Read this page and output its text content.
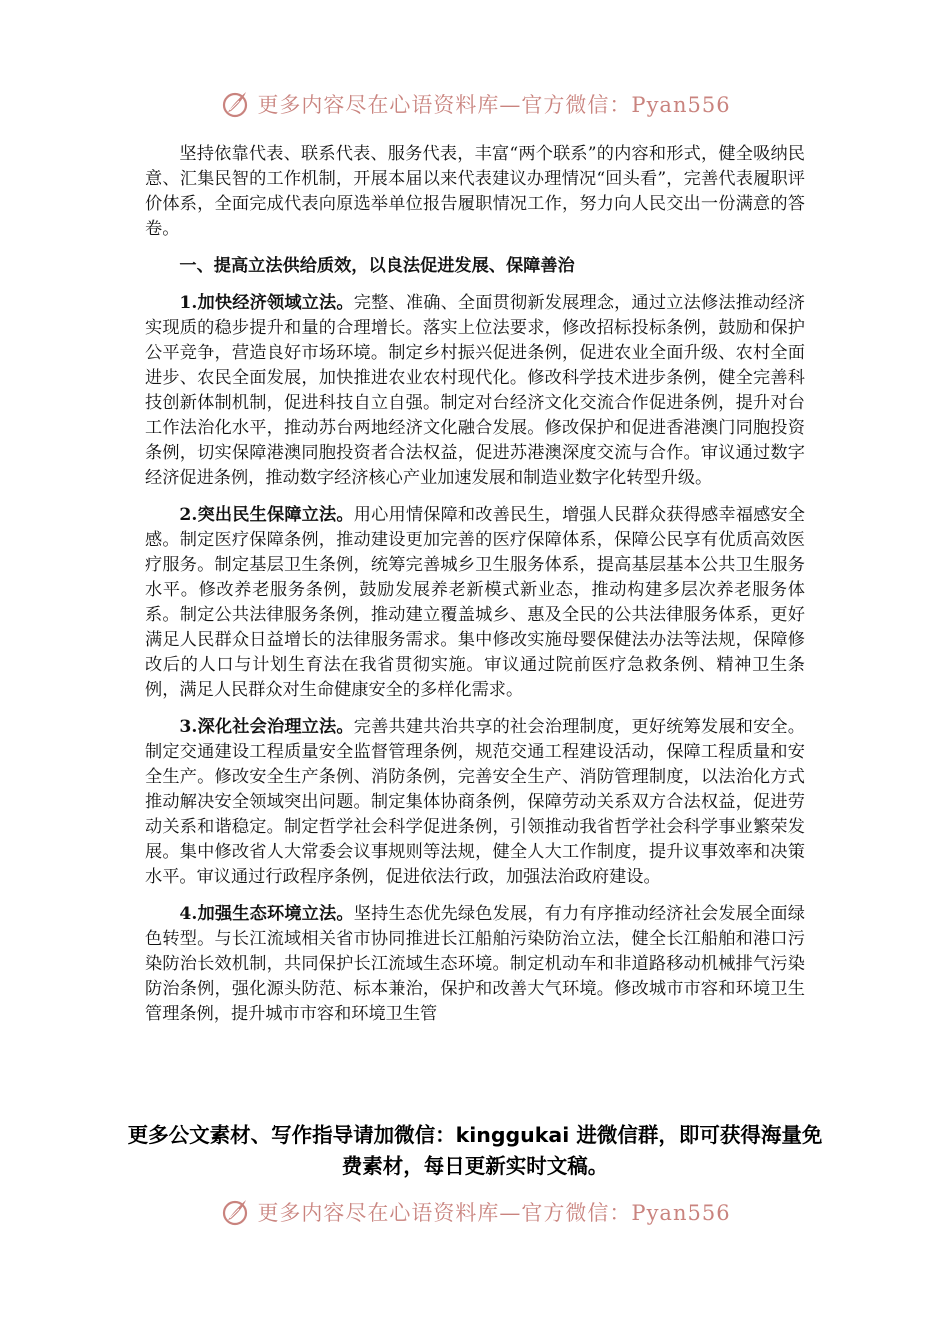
更多内容尽在心语资料库—官方微信：Pyan556

坚持依靠代表、联系代表、服务代表，丰富“两个联系”的内容和形式，健全吸纳民意、汇集民智的工作机制，开展本届以来代表建议办理情况“回头看”，完善代表履职评价体系，全面完成代表向原选举单位报告履职情况工作，努力向人民交出一份满意的答卷。

一、提高立法供给质效，以良法促进发展、保障善治

1.加快经济领域立法。完整、准确、全面贯彻新发展理念，通过立法修法推动经济实现质的稳步提升和量的合理增长。落实上位法要求，修改招标投标条例，鼓励和保护公平竞争，营造良好市场环境。制定乡村振兴促进条例，促进农业全面升级、农村全面进步、农民全面发展，加快推进农业农村现代化。修改科学技术进步条例，健全完善科技创新体制机制，促进科技自立自强。制定对台经济文化交流合作促进条例，提升对台工作法治化水平，推动苏台两地经济文化融合发展。修改保护和促进香港澳门同胞投资条例，切实保障港澳同胞投资者合法权益，促进苏港澳深度交流与合作。审议通过数字经济促进条例，推动数字经济核心产业加速发展和制造业数字化转型升级。

2.突出民生保障立法。用心用情保障和改善民生，增强人民群众获得感幸福感安全感。制定医疗保障条例，推动建设更加完善的医疗保障体系，保障公民享有优质高效医疗服务。制定基层卫生条例，统筹完善城乡卫生服务体系，提高基层基本公共卫生服务水平。修改养老服务条例，鼓励发展养老新模式新业态，推动构建多层次养老服务体系。制定公共法律服务条例，推动建立覆盖城乡、惠及全民的公共法律服务体系，更好满足人民群众日益增长的法律服务需求。集中修改实施母婴保健法办法等法规，保障修改后的人口与计划生育法在我省贯彻实施。审议通过院前医疗急救条例、精神卫生条例，满足人民群众对生命健康安全的多样化需求。

3.深化社会治理立法。完善共建共治共享的社会治理制度，更好统筹发展和安全。制定交通建设工程质量安全监督管理条例，规范交通工程建设活动，保障工程质量和安全生产。修改安全生产条例、消防条例，完善安全生产、消防管理制度，以法治化方式推动解决安全领域突出问题。制定集体协商条例，保障劳动关系双方合法权益，促进劳动关系和谐稳定。制定哲学社会科学促进条例，引领推动我省哲学社会科学事业繁荣发展。集中修改省人大常委会议事规则等法规，健全人大工作制度，提升议事效率和决策水平。审议通过行政程序条例，促进依法行政，加强法治政府建设。

4.加强生态环境立法。坚持生态优先绿色发展，有力有序推动经济社会发展全面绿色转型。与长江流域相关省市协同推进长江船舶污染防治立法，健全长江船舶和港口污染防治长效机制，共同保护长江流域生态环境。制定机动车和非道路移动机械排气污染防治条例，强化源头防范、标本兼治，保护和改善大气环境。修改城市市容和环境卫生管理条例，提升城市市容和环境卫生管

更多公文素材、写作指导请加微信：kinggukai 进微信群，即可获得海量免费素材，每日更新实时文稿。
更多内容尽在心语资料库—官方微信：Pyan556
